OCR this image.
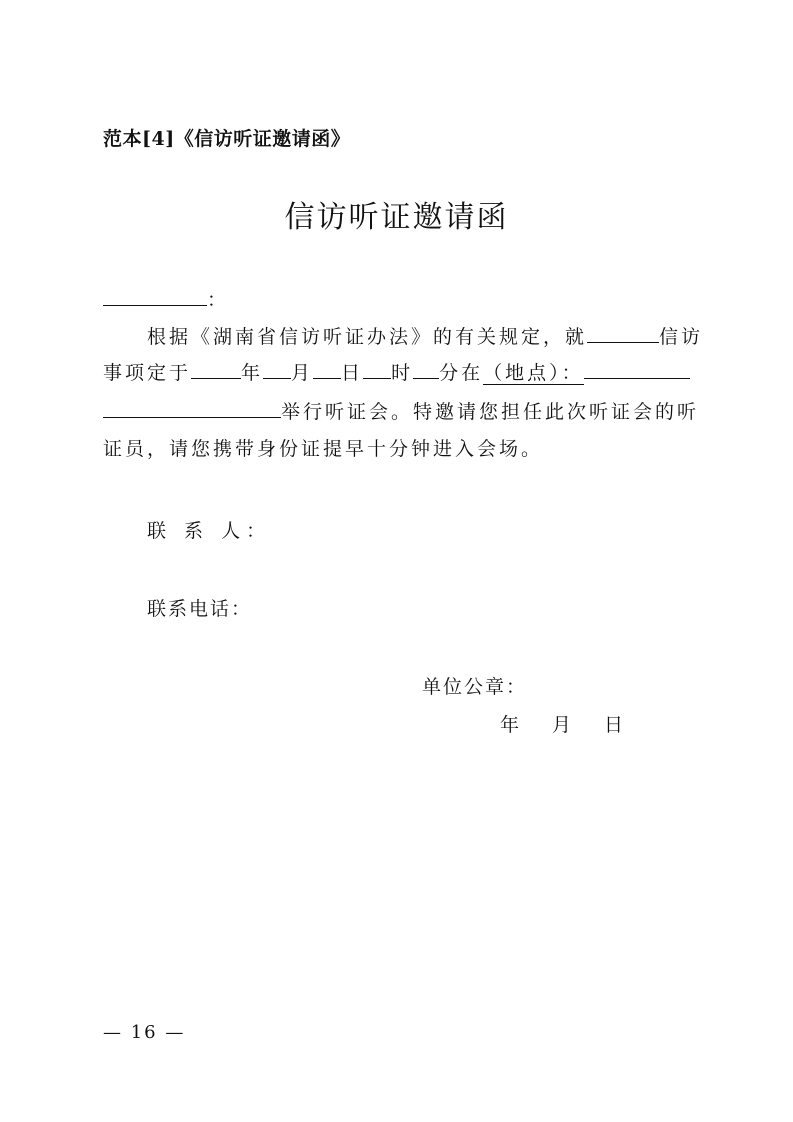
范本[4]《信访听证邀请函》
信访听证邀请函
：
根据《湖南省信访听证办法》的有关规定，就	信访
事项定于	年 月 日 时 分在（地点）：
举行听证会。特邀请您担任此次听证会的听
证员，请您携带身份证提早十分钟进入会场。
联 系 人：
联系电话：
单位公章：
年 月 日
— 16 —
